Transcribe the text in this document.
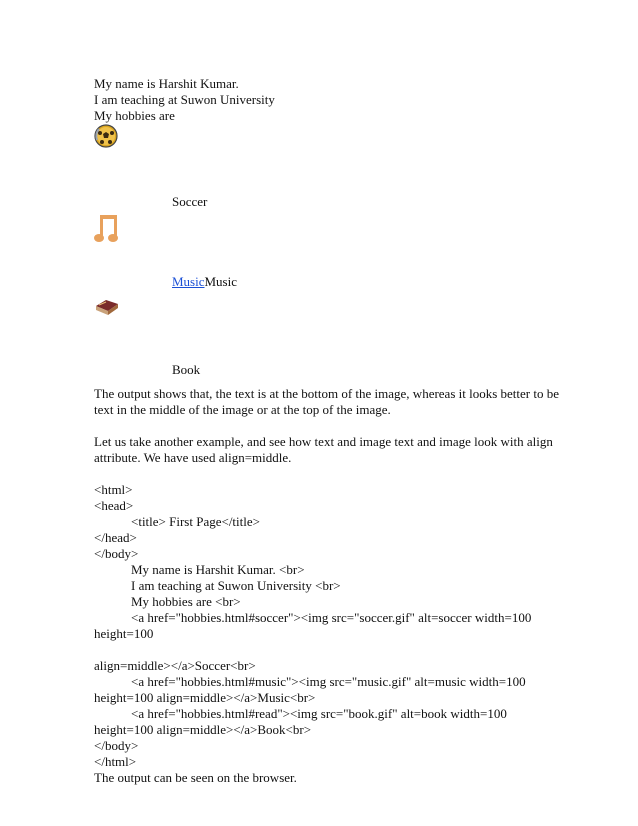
My name is Harshit Kumar.
I am teaching at Suwon University
My hobbies are
Soccer
MusicMusic
Book
The output shows that, the text is at the bottom of the image, whereas it looks better to be
text in the middle of the image or at the top of the image.
Let us take another example, and see how text and image text and image look with align
attribute. We have used align=middle.
<html>
<head>
<title> First Page</title>
</head>
</body>
My name is Harshit Kumar. <br>
I am teaching at Suwon University <br>
My hobbies are <br>
<a href="hobbies.html#soccer"><img src="soccer.gif" alt=soccer width=100
height=100
align=middle></a>Soccer<br>
<a href="hobbies.html#music"><img src="music.gif" alt=music width=100
height=100 align=middle></a>Music<br>
<a href="hobbies.html#read"><img src="book.gif" alt=book width=100
height=100 align=middle></a>Book<br>
</body>
</html>
The output can be seen on the browser.
